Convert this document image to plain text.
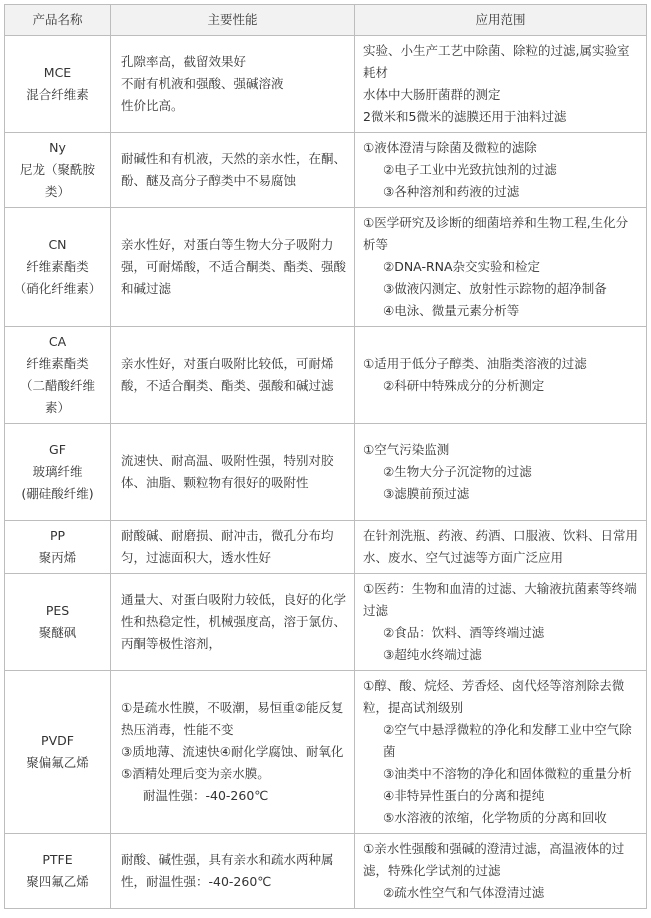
产品名称	主要性能	应用范围

MCE
混合纤维素	孔隙率高，截留效果好
不耐有机液和强酸、强碱溶液
性价比高。	实验、小生产工艺中除菌、除粒的过滤,属实验室耗材
水体中大肠肝菌群的测定
2微米和5微米的滤膜还用于油料过滤

Ny
尼龙（聚酰胺类）	耐碱性和有机液，天然的亲水性，在酮、酚、醚及高分子醇类中不易腐蚀	①液体澄清与除菌及微粒的滤除
②电子工业中光致抗蚀剂的过滤
③各种溶剂和药液的过滤

CN
纤维素酯类
（硝化纤维素）	亲水性好，对蛋白等生物大分子吸附力强，可耐烯酸，不适合酮类、酯类、强酸和碱过滤	①医学研究及诊断的细菌培养和生物工程,生化分析等
②DNA-RNA杂交实验和检定
③做液闪测定、放射性示踪物的超净制备
④电泳、微量元素分析等

CA
纤维素酯类
（二醋酸纤维素）	亲水性好，对蛋白吸附比较低，可耐烯酸，不适合酮类、酯类、强酸和碱过滤	①适用于低分子醇类、油脂类溶液的过滤
②科研中特殊成分的分析测定

GF
玻璃纤维
(硼硅酸纤维)	流速快、耐高温、吸附性强，特别对胶体、油脂、颗粒物有很好的吸附性	①空气污染监测
②生物大分子沉淀物的过滤
③滤膜前预过滤

PP
聚丙烯	耐酸碱、耐磨损、耐冲击，微孔分布均匀，过滤面积大，透水性好	在针剂洗瓶、药液、药酒、口服液、饮料、日常用水、废水、空气过滤等方面广泛应用

PES
聚醚砜	通量大、对蛋白吸附力较低，良好的化学性和热稳定性，机械强度高，溶于氯仿、丙酮等极性溶剂，	①医药：生物和血清的过滤、大输液抗菌素等终端过滤
②食品：饮料、酒等终端过滤
③超纯水终端过滤

PVDF
聚偏氟乙烯	①是疏水性膜，不吸潮，易恒重②能反复热压消毒，性能不变
③质地薄、流速快④耐化学腐蚀、耐氧化⑤酒精处理后变为亲水膜。
耐温性强：-40-260℃	①醇、酸、烷烃、芳香烃、卤代烃等溶剂除去微粒，提高试剂级别
②空气中悬浮微粒的净化和发酵工业中空气除菌
③油类中不溶物的净化和固体微粒的重量分析
④非特异性蛋白的分离和提纯
⑤水溶液的浓缩，化学物质的分离和回收

PTFE
聚四氟乙烯	耐酸、碱性强，具有亲水和疏水两种属性，耐温性强：-40-260℃	①亲水性强酸和强碱的澄清过滤，高温液体的过滤，特殊化学试剂的过滤
②疏水性空气和气体澄清过滤
